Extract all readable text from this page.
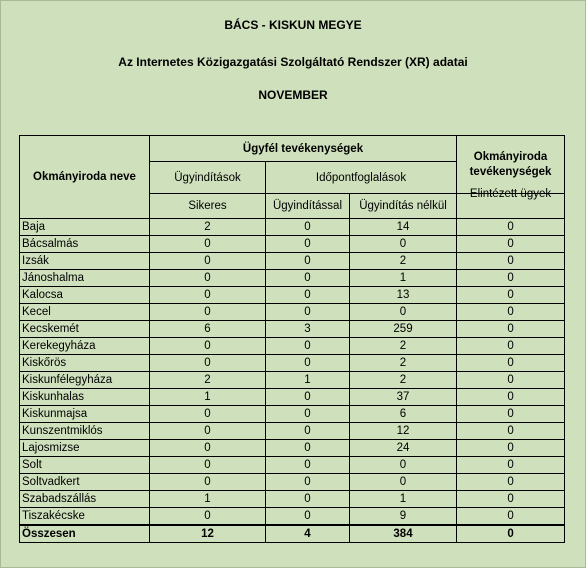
BÁCS - KISKUN MEGYE
Az Internetes Közigazgatási Szolgáltató Rendszer (XR) adatai
NOVEMBER
Okmányiroda neve	Ügyfél tevékenységek			Okmányiroda tevékenységek
	Ügyindítások	Időpontfoglalások		
	Sikeres	Ügyindítással	Ügyindítás nélkül	Elintézett ügyek
Baja	2	0	14	0
Bácsalmás	0	0	0	0
Izsák	0	0	2	0
Jánoshalma	0	0	1	0
Kalocsa	0	0	13	0
Kecel	0	0	0	0
Kecskemét	6	3	259	0
Kerekegyháza	0	0	2	0
Kiskőrös	0	0	2	0
Kiskunfélegyháza	2	1	2	0
Kiskunhalas	1	0	37	0
Kiskunmajsa	0	0	6	0
Kunszentmiklós	0	0	12	0
Lajosmizse	0	0	24	0
Solt	0	0	0	0
Soltvadkert	0	0	0	0
Szabadszállás	1	0	1	0
Tiszakécske	0	0	9	0
Összesen	12	4	384	0
